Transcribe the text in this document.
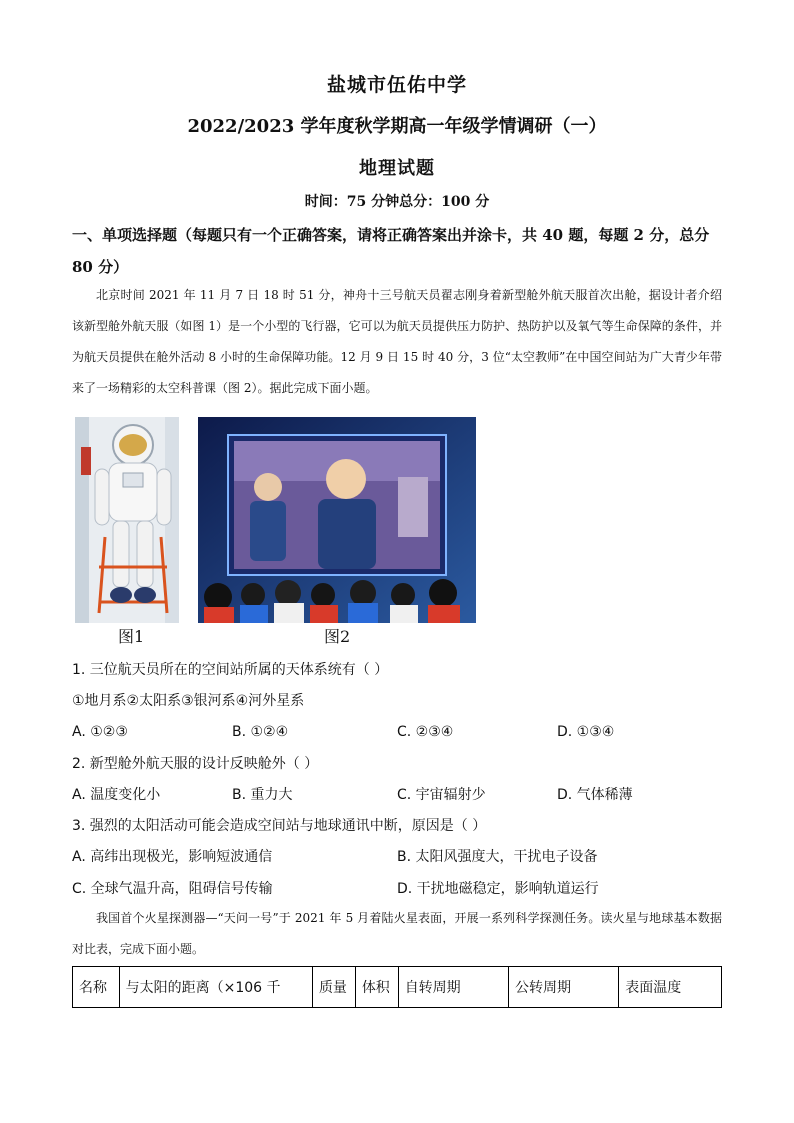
盐城市伍佑中学
2022/2023 学年度秋学期高一年级学情调研（一）
地理试题
时间：75 分钟总分：100 分
一、单项选择题（每题只有一个正确答案，请将正确答案出并涂卡，共 40 题，每题 2 分，总分 80 分）
北京时间 2021 年 11 月 7 日 18 时 51 分，神舟十三号航天员翟志刚身着新型舱外航天服首次出舱，据设计者介绍该新型舱外航天服（如图 1）是一个小型的飞行器，它可以为航天员提供压力防护、热防护以及氧气等生命保障的条件，并为航天员提供在舱外活动 8 小时的生命保障功能。12 月 9 日 15 时 40 分，3 位“太空教师”在中国空间站为广大青少年带来了一场精彩的太空科普课（图 2）。据此完成下面小题。
图1	图2
1. 三位航天员所在的空间站所属的天体系统有（ ）
①地月系②太阳系③银河系④河外星系
A. ①②③	B. ①②④	C. ②③④	D. ①③④
2. 新型舱外航天服的设计反映舱外（ ）
A. 温度变化小	B. 重力大	C. 宇宙辐射少	D. 气体稀薄
3. 强烈的太阳活动可能会造成空间站与地球通讯中断，原因是（ ）
A. 高纬出现极光，影响短波通信	B. 太阳风强度大，干扰电子设备
C. 全球气温升高，阻碍信号传输	D. 干扰地磁稳定，影响轨道运行
我国首个火星探测器—“天问一号”于 2021 年 5 月着陆火星表面，开展一系列科学探测任务。读火星与地球基本数据对比表，完成下面小题。
名称	与太阳的距离（×106 千	质量	体积	自转周期	公转周期	表面温度
